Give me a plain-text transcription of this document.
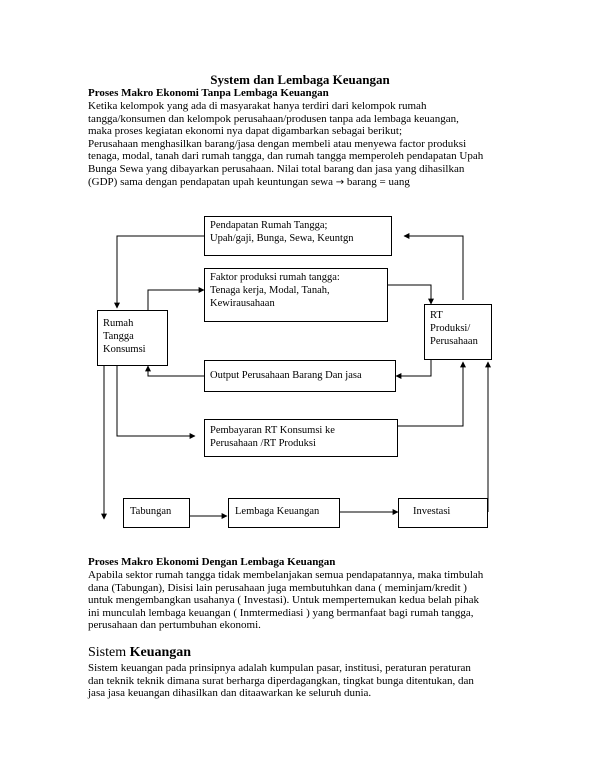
System dan Lembaga Keuangan
Proses Makro Ekonomi Tanpa Lembaga Keuangan
Ketika kelompok yang ada di masyarakat hanya terdiri dari kelompok rumah
tangga/konsumen dan kelompok perusahaan/produsen tanpa ada lembaga keuangan,
maka proses kegiatan ekonomi nya dapat digambarkan sebagai berikut;
Perusahaan menghasilkan barang/jasa dengan membeli atau menyewa factor produksi
tenaga, modal, tanah dari rumah tangga, dan rumah tangga memperoleh pendapatan Upah
Bunga Sewa yang dibayarkan perusahaan. Nilai total barang dan jasa yang dihasilkan
(GDP) sama dengan pendapatan upah keuntungan sewa → barang = uang
Pendapatan Rumah Tangga;
Upah/gaji, Bunga, Sewa, Keuntgn
Faktor produksi rumah tangga:
Tenaga kerja, Modal, Tanah,
Kewirausahaan
Rumah
Tangga
Konsumsi
RT
Produksi/
Perusahaan
Output Perusahaan Barang Dan jasa
Pembayaran RT Konsumsi ke
Perusahaan /RT Produksi
Tabungan	Lembaga Keuangan	Investasi
Proses Makro Ekonomi Dengan Lembaga Keuangan
Apabila sektor rumah tangga tidak membelanjakan semua pendapatannya, maka timbulah
dana (Tabungan), Disisi lain perusahaan juga membutuhkan dana ( meminjam/kredit )
untuk mengembangkan usahanya ( Investasi). Untuk mempertemukan kedua belah pihak
ini munculah lembaga keuangan ( Inmtermediasi ) yang bermanfaat bagi rumah tangga,
perusahaan dan pertumbuhan ekonomi.
Sistem Keuangan
Sistem keuangan pada prinsipnya adalah kumpulan pasar, institusi, peraturan peraturan
dan teknik teknik dimana surat berharga diperdagangkan, tingkat bunga ditentukan, dan
jasa jasa keuangan dihasilkan dan ditaawarkan ke seluruh dunia.
